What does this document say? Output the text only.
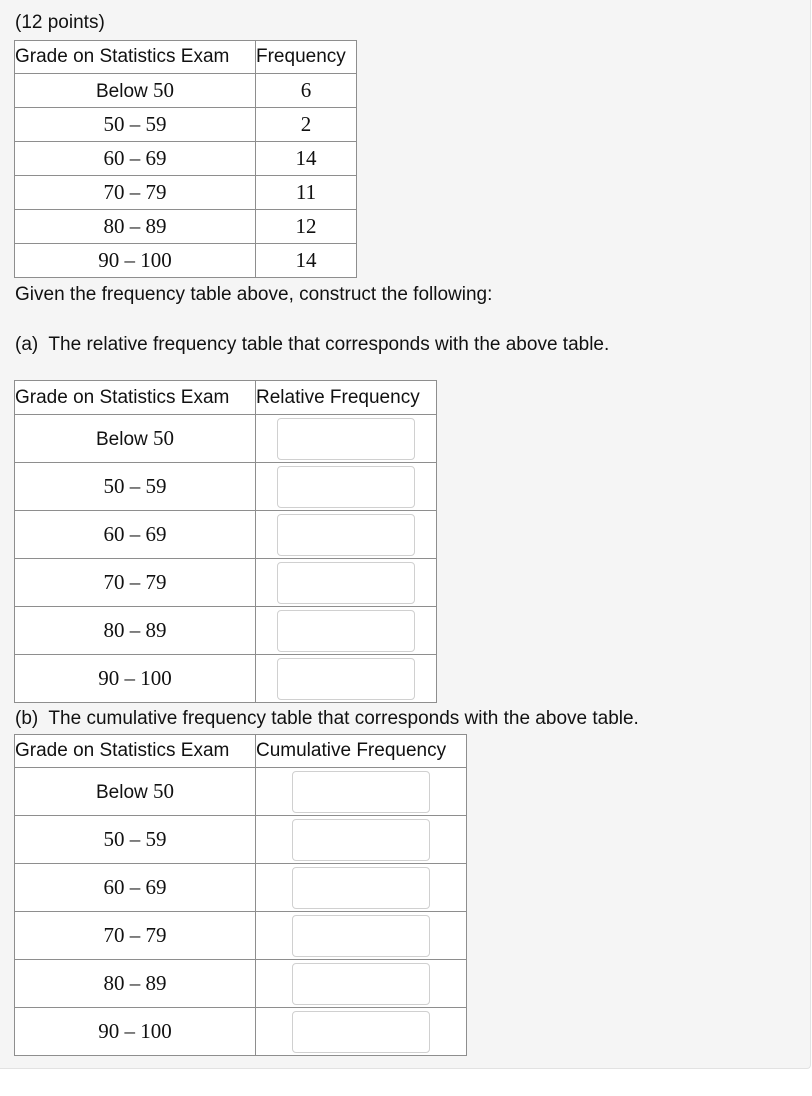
(12 points)
Grade on Statistics Exam	Frequency
Below 50	6
50 – 59	2
60 – 69	14
70 – 79	11
80 – 89	12
90 – 100	14
Given the frequency table above, construct the following:
(a)  The relative frequency table that corresponds with the above table.
Grade on Statistics Exam	Relative Frequency
Below 50	
50 – 59	
60 – 69	
70 – 79	
80 – 89	
90 – 100	
(b)  The cumulative frequency table that corresponds with the above table.
Grade on Statistics Exam	Cumulative Frequency
Below 50	
50 – 59	
60 – 69	
70 – 79	
80 – 89	
90 – 100	
